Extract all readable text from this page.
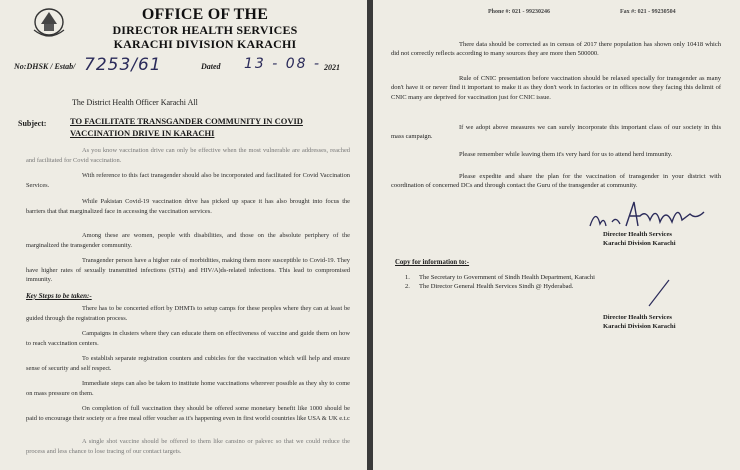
OFFICE OF THE
DIRECTOR HEALTH SERVICES
KARACHI DIVISION KARACHI
No:DHSK / Estab/ 7253/61	Dated 13 - 08 - 2021
The District Health Officer Karachi All
Subject:	TO FACILITATE TRANSGANDER COMMUNITY IN COVID VACCINATION DRIVE IN KARACHI
As you know vaccination drive can only be effective when the most vulnerable are addresses, reached and facilitated for Covid vaccination.
With reference to this fact transgender should also be incorporated and facilitated for Covid Vaccination Services.
While Pakistan Covid-19 vaccination drive has picked up space it has also brought into focus the barriers that that marginalized face in accessing the vaccination services.
Among these are women, people with disabilities, and those on the absolute periphery of the marginalized the transgender community.
Transgender person have a higher rate of morbidities, making them more susceptible to Covid-19. They have higher rates of sexually transmitted infections (STIs) and HIV/A)ds-related infections. This lead to compromised immunity.
Key Steps to be taken:-
There has to be concerted effort by DHMTs to setup camps for these peoples where they can at least be guided through the registration process.
Campaigns in clusters where they can educate them on effectiveness of vaccine and guide them on how to reach vaccination centers.
To establish separate registration counters and cubicles for the vaccination which will help and ensure sense of security and self respect.
Immediate steps can also be taken to institute home vaccinations wherever possible as they shy to come on mass pressure on them.
On completion of full vaccination they should be offered some monetary benefit like 1000 should be paid to encourage their society or a free meal offer voucher as it's happening even in first world countries like USA & UK e.t.c
A single shot vaccine should be offered to them like cansino or pakvec so that we could reduce the process and less chance to lose tracing of our contact targets.
Phone #: 021 - 99230246	Fax #: 021 - 99230504
There data should be corrected as in census of 2017 there population has shown only 10418 which did not correctly reflects according to many sources they are more then 500000.
Rule of CNIC presentation before vaccination should be relaxed specially for transgender as many don't have it or never find it important to make it as they don't work in factories or in offices now they facing this delimit of CNIC many are deprived for vaccination just for CNIC issue.
If we adopt above measures we can surely incorporate this important class of our society in this mass campaign.
Please remember while leaving them it's very hard for us to attend herd immunity.
Please expedite and share the plan for the vaccination of transgender in your district with coordination of concerned DCs and through contact the Guru of the transgender at community.
Director Health Services
Karachi Division Karachi
Copy for information to:-
1. The Secretary to Government of Sindh Health Department, Karachi
2. The Director General Health Services Sindh @ Hyderabad.
Director Health Services
Karachi Division Karachi
